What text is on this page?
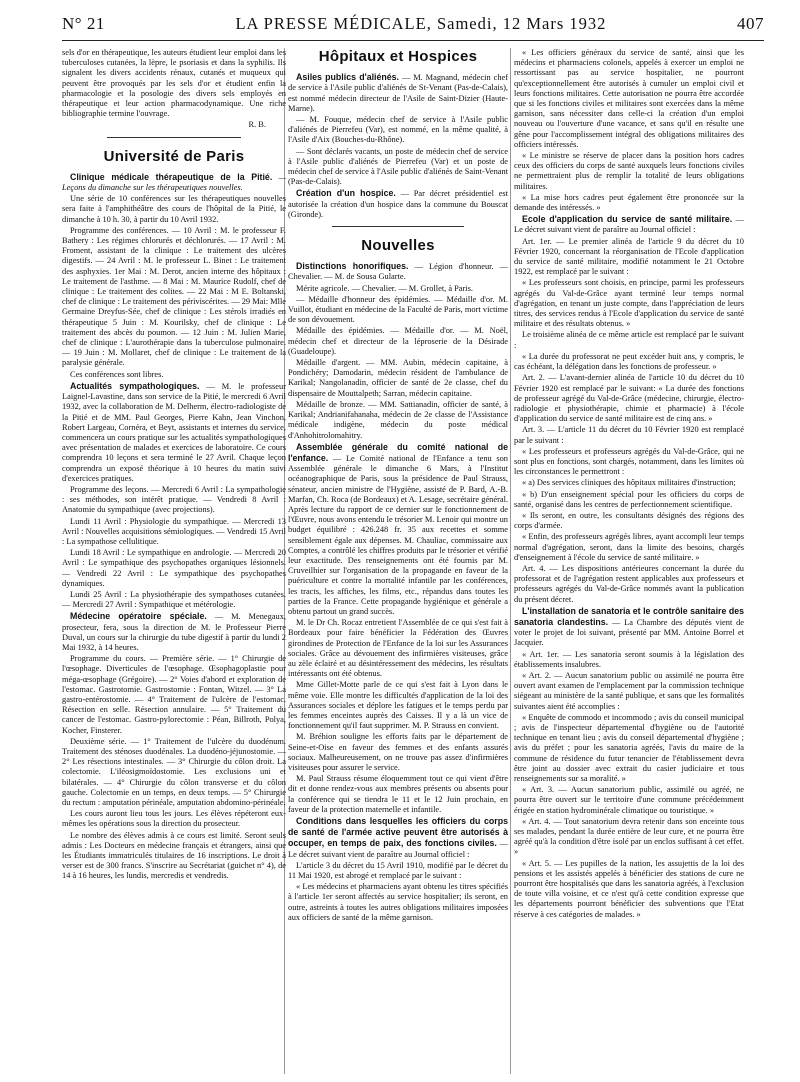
N° 21	LA PRESSE MÉDICALE, Samedi, 12 Mars 1932	407

sels d'or en thérapeutique, les auteurs étudient leur emploi dans les tuberculoses cutanées, la lèpre, le psoriasis et dans la syphilis. Ils signalent les divers accidents rénaux, cutanés et muqueux qui peuvent être provoqués par les sels d'or et étudient enfin la pharmacologie et la posologie des divers sels employés en thérapeutique et leur action pharmacodynamique. Une riche bibliographie termine l'ouvrage.

R. B.

Université de Paris

Clinique médicale thérapeutique de la Pitié. — Leçons du dimanche sur les thérapeutiques nouvelles.

Une série de 10 conférences sur les thérapeutiques nouvelles sera faite à l'amphithéâtre des cours de l'hôpital de la Pitié, le dimanche à 10 h. 30, à partir du 10 Avril 1932.

Programme des conférences. — 10 Avril : M. le professeur F. Bathery : Les régimes chlorurés et déchlorurés. — 17 Avril : M. Froment, assistant de la clinique : Le traitement des ulcères digestifs. — 24 Avril : M. le professeur L. Binet : Le traitement des asphyxies. 1er Mai : M. Derot, ancien interne des hôpitaux : Le traitement de l'asthme. — 8 Mai : M. Maurice Rudolf, chef de clinique : Le traitement des colites. — 22 Mai : M E. Boltanski, chef de clinique : Le traitement des périviscérites. — 29 Mai: Mlle Germaine Dreyfus-Sée, chef de clinique : Les stérols irradiés en thérapeutique 5 Juin : M. Kourilsky, chef de clinique : Le traitement des abcès du poumon. — 12 Juin : M. Julien Marie, chef de clinique : L'aurothérapie dans la tuberculose pulmonaire. — 19 Juin : M. Mollaret, chef de clinique : Le traitement de la paralysie générale.

Ces conférences sont libres.

Actualités sympathologiques. — M. le professeur Laignel-Lavastine, dans son service de la Pitié, le mercredi 6 Avril 1932, avec la collaboration de M. Delherm, électro-radiologiste de la Pitié et de MM. Paul Georges, Pierre Kahn, Jean Vinchon, Robert Largeau, Cornéra, et Beyt, assistants et internes du service, commencera un cours pratique sur les actualités sympathologiques avec présentation de malades et exercices de laboratoire. Ce cours comprendra 10 leçons et sera terminé le 27 Avril. Chaque leçon comprendra un exposé théorique à 10 heures du matin suivi d'exercices pratiques.

Programme des leçons. — Mercredi 6 Avril : La sympathologie : ses méthodes, son intérêt pratique. — Vendredi 8 Avril : Anatomie du sympathique (avec projections).

Lundi 11 Avril : Physiologie du sympathique. — Mercredi 13 Avril : Nouvelles acquisitions sémiologiques. — Vendredi 15 Avril : La sympathose cellulitique.

Lundi 18 Avril : Le sympathique en andrologie. — Mercredi 20 Avril : Le sympathique des psychopathes organiques lésionnels. — Vendredi 22 Avril : Le sympathique des psychopathes dynamiques.

Lundi 25 Avril : La physiothérapie des sympathoses cutanées. — Mercredi 27 Avril : Sympathique et métérologie.

Médecine opératoire spéciale. — M. Menegaux, prosecteur, fera, sous la direction de M. le Professeur Pierre Duval, un cours sur la chirurgie du tube digestif à partir du lundi 2 Mai 1932, à 14 heures.

Programme du cours. — Première série. — 1° Chirurgie de l'œsophage. Diverticules de l'œsophage. Œsophagoplastie pour méga-œsophage (Grégoire). — 2° Voies d'abord et exploration de l'estomac. Gastrotomie. Gastrostomie : Fontan, Witzel. — 3° La gastro-entérostomie. — 4° Traitement de l'ulcère de l'estomac. Résection en selle. Résection annulaire. — 5° Traitement du cancer de l'estomac. Gastro-pylorectomie : Péan, Billroth, Polya, Kocher, Finsterer.

Deuxième série. — 1° Traitement de l'ulcère du duodénum. Traitement des sténoses duodénales. La duodéno-jéjunostomie. — 2° Les résections intestinales. — 3° Chirurgie du côlon droit. La colectomie. L'iléosigmoïdostomie. Les exclusions uni et bilatérales. — 4° Chirurgie du côlon transverse et du côlon gauche. Colectomie en un temps, en deux temps. — 5° Chirurgie du rectum : amputation périnéale, amputation abdomino-périnéale.

Les cours auront lieu tous les jours. Les élèves répéteront eux-mêmes les opérations sous la direction du prosecteur.

Le nombre des élèves admis à ce cours est limité. Seront seuls admis : Les Docteurs en médecine français et étrangers, ainsi que les Étudiants immatriculés titulaires de 16 inscriptions. Le droit à verser est de 300 francs. S'inscrire au Secrétariat (guichet n° 4), de 14 à 16 heures, les lundis, mercredis et vendredis.

Hôpitaux et Hospices

Asiles publics d'aliénés. — M. Magnand, médecin chef de service à l'Asile public d'aliénés de St-Venant (Pas-de-Calais), est nommé médecin directeur de l'Asile de Saint-Dizier (Haute-Marne).

— M. Fouque, médecin chef de service à l'Asile public d'aliénés de Pierrefeu (Var), est nommé, en la même qualité, à l'Asile d'Aix (Bouches-du-Rhône).

— Sont déclarés vacants, un poste de médecin chef de service à l'Asile public d'aliénés de Pierrefeu (Var) et un poste de médecin chef de service à l'Asile public d'aliénés de Saint-Venant (Pas-de-Calais).

Création d'un hospice. — Par décret présidentiel est autorisée la création d'un hospice dans la commune du Bouscat (Gironde).

Nouvelles

Distinctions honorifiques. — Légion d'honneur. — Chevalier. — M. de Sousa Gularte.

Mérite agricole. — Chevalier. — M. Grollet, à Paris.

— Médaille d'honneur des épidémies. — Médaille d'or. M. Vuillot, étudiant en médecine de la Faculté de Paris, mort victime de son dévouement.

Médaille des épidémies. — Médaille d'or. — M. Noël, médecin chef et directeur de la léproserie de la Désirade (Guadeloupe).

Médaille d'argent. — MM. Aubin, médecin capitaine, à Pondichéry; Damodarin, médecin résident de l'ambulance de Karikal; Nangolanadin, officier de santé de 2e classe, chef du dispensaire de Mouttalpeth; Sarran, médecin capitaine.

Médaille de bronze. — MM. Sattianadin, officier de santé, à Karikal; Andrianifahanaha, médecin de 2e classe de l'Assistance médicale indigène, médecin du poste médical d'Anhohitrolomahitry.

Assemblée générale du comité national de l'enfance. — Le Comité national de l'Enfance a tenu son Assemblée générale le dimanche 6 Mars, à l'Institut océanographique de Paris, sous la présidence de Paul Strauss, sénateur, ancien ministre de l'Hygiène, assisté de P. Bard, A.-B. Marfan, Ch. Roca (de Bordeaux) et A. Lesage, secrétaire général. Après lecture du rapport de ce dernier sur le fonctionnement de l'Œuvre, nous avons entendu le trésorier M. Lenoir qui montre un budget équilibré : 426.248 fr. 35 aux recettes et somme sensiblement égale aux dépenses. M. Chauliac, commissaire aux Comptes, a contrôlé les chiffres produits par le trésorier et vérifié leur exactitude. Des renseignements ont été fournis par M. Cruveilhier sur l'organisation de la propagande en faveur de la puériculture et contre la mortalité infantile par les conférences, les tracts, les affiches, les films, etc., répandus dans toutes les parties de la France. Cette propagande hygiénique et générale a obtenu partout un grand succès.

M. le Dr Ch. Rocaz entretient l'Assemblée de ce qui s'est fait à Bordeaux pour faire bénéficier la Fédération des Œuvres girondines de Protection de l'Enfance de la loi sur les Assurances sociales. Grâce au dévouement des infirmières visiteuses, grâce au zèle éclairé et au désintéressement des médecins, les résultats intéressants ont été obtenus.

Mme Gillet-Motte parle de ce qui s'est fait à Lyon dans le même voie. Elle montre les difficultés d'application de la loi des Assurances sociales et déplore les fatigues et le temps perdu par les femmes enceintes auprès des Caisses. Il y a là un vice de fonctionnement qu'il faut supprimer. M. P. Strauss en convient.

M. Bréhion souligne les efforts faits par le département de Seine-et-Oise en faveur des femmes et des enfants assurés sociaux. Malheureusement, on ne trouve pas assez d'infirmières visiteuses pour assurer le service.

M. Paul Strauss résume éloquemment tout ce qui vient d'être dit et donne rendez-vous aux membres présents ou absents pour la conférence qui se tiendra le 11 et le 12 Juin prochain, en faveur de la protection maternelle et infantile.

Conditions dans lesquelles les officiers du corps de santé de l'armée active peuvent être autorisés à occuper, en temps de paix, des fonctions civiles. — Le décret suivant vient de paraître au Journal officiel :

L'article 3 du décret du 15 Avril 1910, modifié par le décret du 11 Mai 1920, est abrogé et remplacé par le suivant :

« Les médecins et pharmaciens ayant obtenu les titres spécifiés à l'article 1er seront affectés au service hospitalier; ils seront, en outre, astreints à toutes les autres obligations militaires imposées aux officiers de santé de la même garnison.

« Les officiers généraux du service de santé, ainsi que les médecins et pharmaciens colonels, appelés à exercer un emploi ne ressortissant pas au service hospitalier, ne pourront qu'exceptionnellement être autorisés à cumuler un emploi civil et leurs fonctions militaires. Cette autorisation ne pourra être accordée que si les fonctions civiles et militaires sont exercées dans la même garnison, sans nécessiter dans celle-ci la création d'un emploi nouveau ou l'ouverture d'une vacance, et sans qu'il en résulte une gêne pour l'accomplissement intégral des obligations militaires des officiers intéressés.

« Le ministre se réserve de placer dans la position hors cadres ceux des officiers du corps de santé auxquels leurs fonctions civiles ne permettraient plus de remplir la totalité de leurs obligations militaires.

« La mise hors cadres peut également être prononcée sur la demande des intéressés. »

Ecole d'application du service de santé militaire. — Le décret suivant vient de paraître au Journal officiel :

Art. 1er. — Le premier alinéa de l'article 9 du décret du 10 Février 1920, concernant la réorganisation de l'Ecole d'application du service de santé militaire, modifié notamment le 21 Octobre 1922, est remplacé par le suivant :

« Les professeurs sont choisis, en principe, parmi les professeurs agrégés du Val-de-Grâce ayant terminé leur temps normal d'agrégation, en tenant un juste compte, dans l'appréciation de leurs titres, des services rendus à l'Ecole d'application du service de santé militaire et des résultats obtenus. »

Le troisième alinéa de ce même article est remplacé par le suivant :

« La durée du professorat ne peut excéder huit ans, y compris, le cas échéant, la délégation dans les fonctions de professeur. »

Art. 2. — L'avant-dernier alinéa de l'article 10 du décret du 10 Février 1920 est remplacé par le suivant: « La durée des fonctions de professeur agrégé du Val-de-Grâce (médecine, chirurgie, électro-radiologie et physiothérapie, chimie et pharmacie) à l'école d'application du service de santé militaire est de cinq ans. »

Art. 3. — L'article 11 du décret du 10 Février 1920 est remplacé par le suivant :

« Les professeurs et professeurs agrégés du Val-de-Grâce, qui ne sont plus en fonctions, sont chargés, notamment, dans les limites où les circonstances le permettront :

« a) Des services cliniques des hôpitaux militaires d'instruction;

« b) D'un enseignement spécial pour les officiers du corps de santé, organisé dans les centres de perfectionnement scientifique.

« Ils seront, en outre, les consultants désignés des régions des corps d'armée.

« Enfin, des professeurs agrégés libres, ayant accompli leur temps normal d'agrégation, seront, dans la limite des besoins, chargés d'enseignement à l'école du service de santé militaire. »

Art. 4. — Les dispositions antérieures concernant la durée du professorat et de l'agrégation restent applicables aux professeurs et professeurs agrégés du Val-de-Grâce nommés avant la publication du présent décret.

L'installation de sanatoria et le contrôle sanitaire des sanatoria clandestins. — La Chambre des députés vient de voter le projet de loi suivant, présenté par MM. Antoine Borrel et Jacquier.

« Art. 1er. — Les sanatoria seront soumis à la législation des établissements insalubres.

« Art. 2. — Aucun sanatorium public ou assimilé ne pourra être ouvert avant examen de l'emplacement par la commission technique siégeant au ministère de la santé publique, et sans que les formalités suivantes aient été accomplies :

« Enquête de commodo et incommodo ; avis du conseil municipal ; avis de l'inspecteur départemental d'hygiène ou de l'autorité technique en tenant lieu ; avis du conseil départemental d'hygiène ; avis du préfet ; pour les sanatoria agréés, l'avis du maire de la commune de résidence du futur tenancier de l'établissement devra être joint au dossier avec extrait du casier judiciaire et tous renseignements sur sa moralité. »

« Art. 3. — Aucun sanatorium public, assimilé ou agréé, ne pourra être ouvert sur le territoire d'une commune précédemment érigée en station hydrominérale climatique ou touristique. »

« Art. 4. — Tout sanatorium devra retenir dans son enceinte tous ses malades, pendant la durée entière de leur cure, et ne pourra être agréé qu'à la condition d'être isolé par un enclos suffisant à cet effet. »

« Art. 5. — Les pupilles de la nation, les assujettis de la loi des pensions et les assistés appelés à bénéficier des stations de cure ne pourront être hospitalisés que dans les sanatoria agréés, à l'exclusion de toute villa voisine, et ce n'est qu'à cette condition expresse que les départements pourront bénéficier des subventions que l'Etat réserve à ces catégories de malades. »
